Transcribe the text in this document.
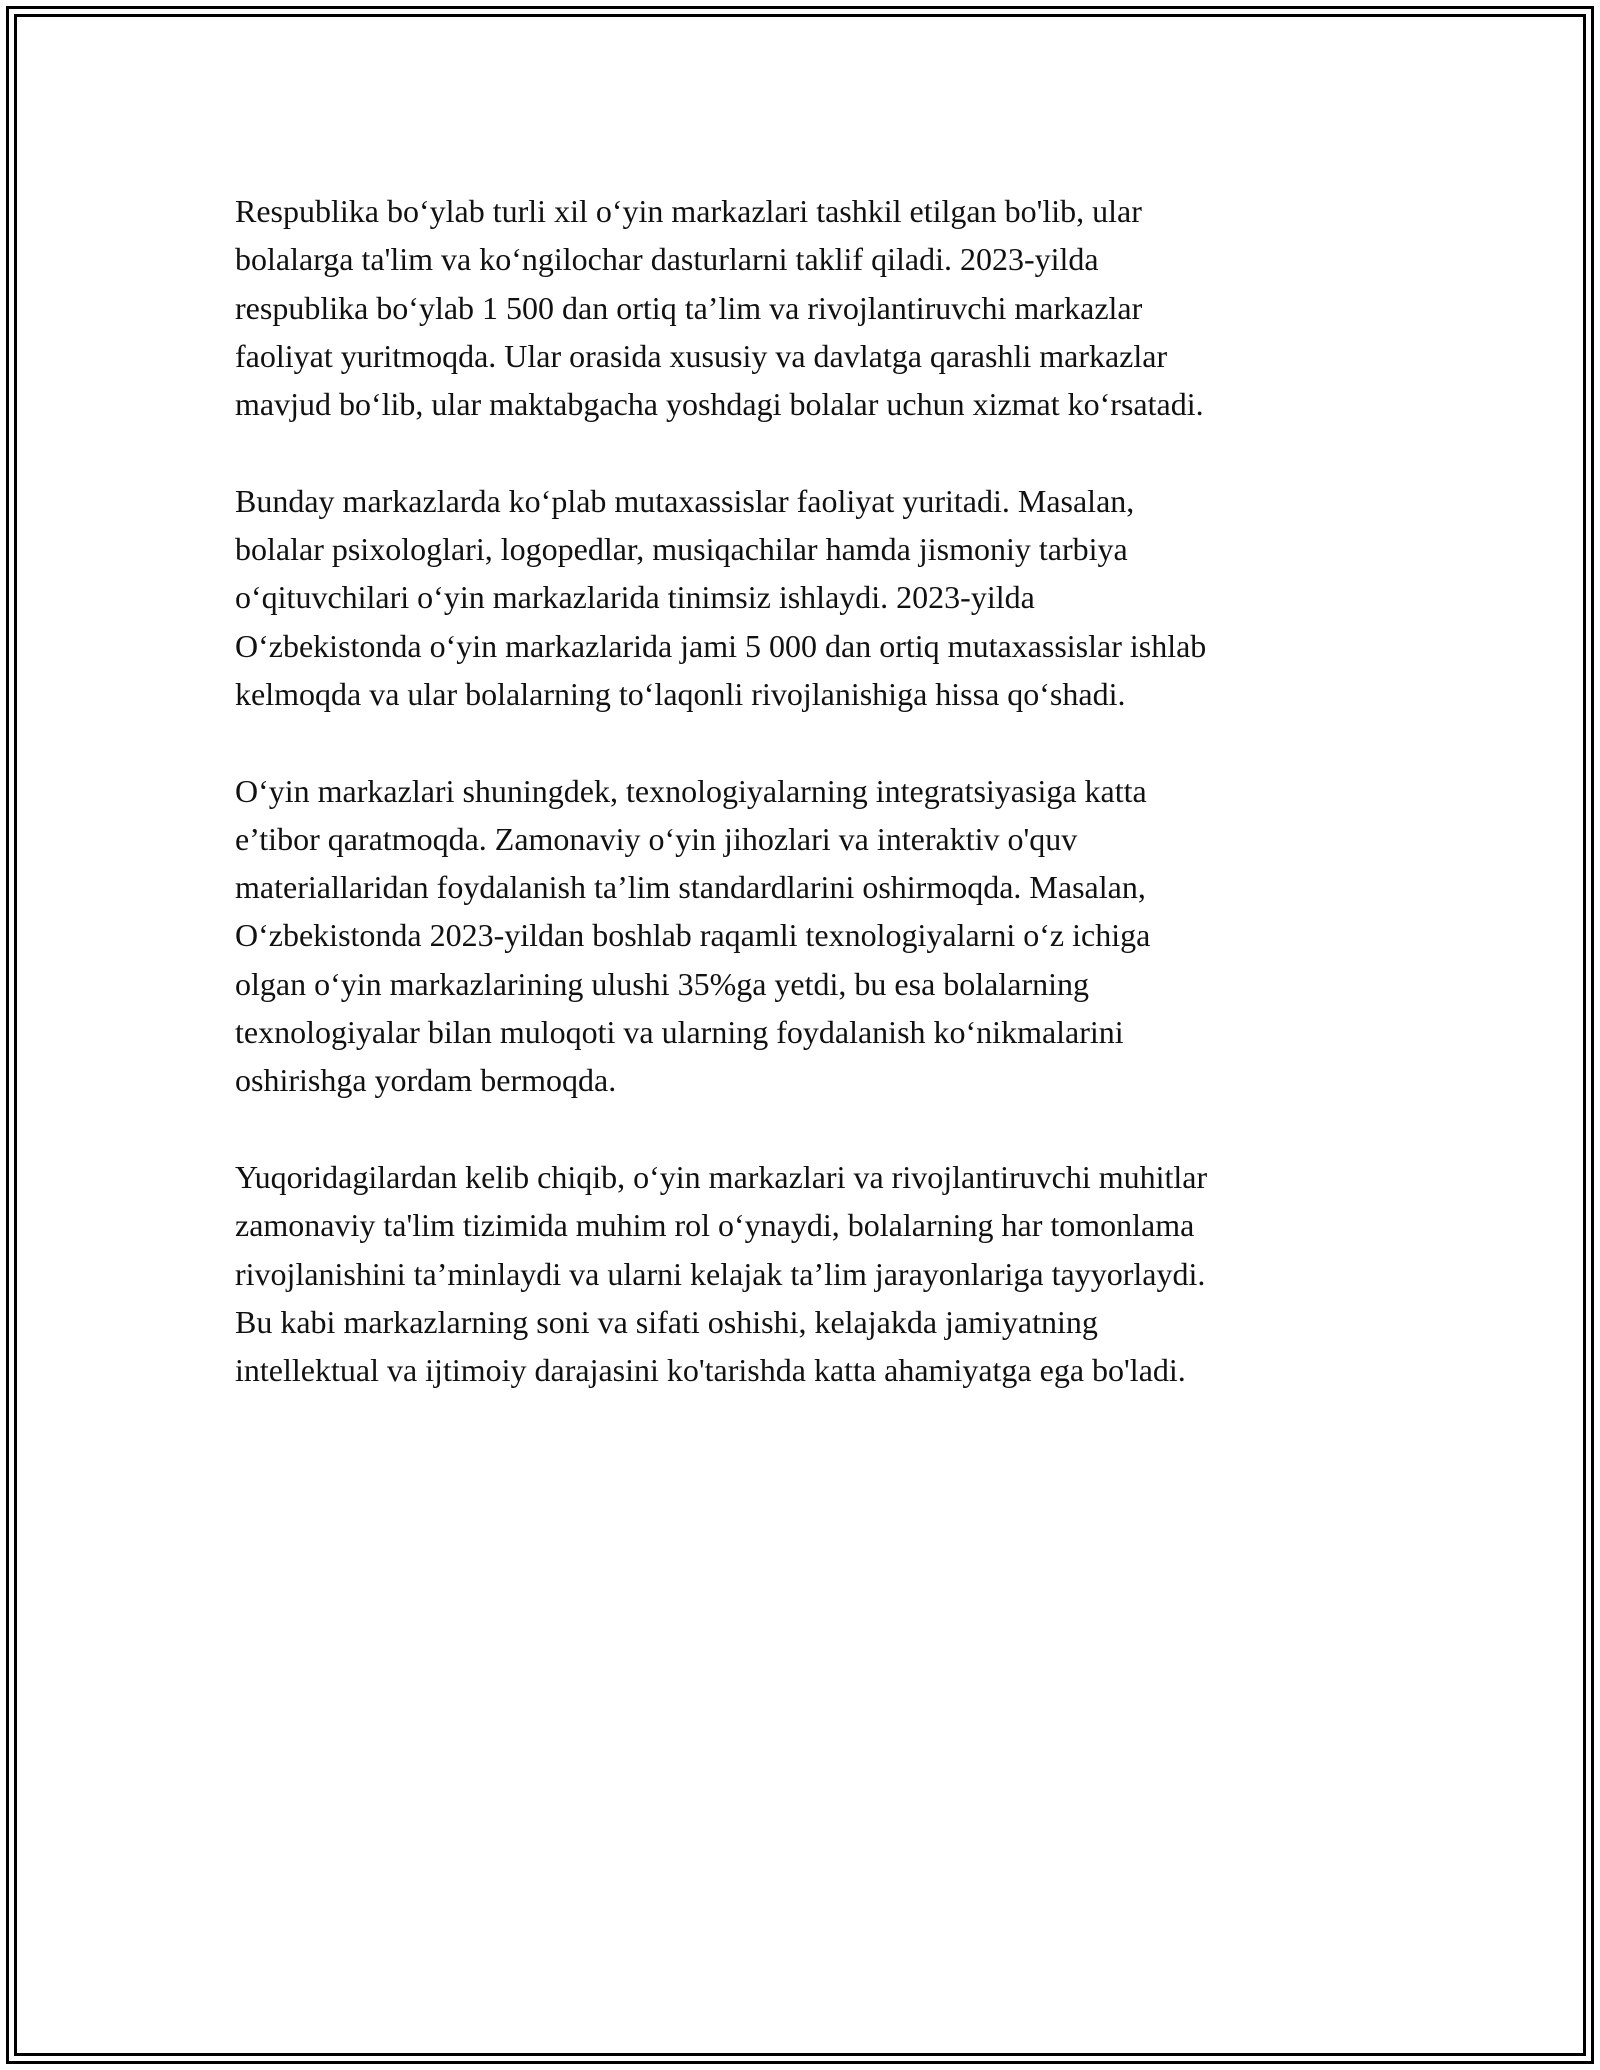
Respublika bo‘ylab turli xil o‘yin markazlari tashkil etilgan bo'lib, ular
bolalarga ta'lim va ko‘ngilochar dasturlarni taklif qiladi. 2023-yilda
respublika bo‘ylab 1 500 dan ortiq ta’lim va rivojlantiruvchi markazlar
faoliyat yuritmoqda. Ular orasida xususiy va davlatga qarashli markazlar
mavjud bo‘lib, ular maktabgacha yoshdagi bolalar uchun xizmat ko‘rsatadi.

Bunday markazlarda ko‘plab mutaxassislar faoliyat yuritadi. Masalan,
bolalar psixologlari, logopedlar, musiqachilar hamda jismoniy tarbiya
o‘qituvchilari o‘yin markazlarida tinimsiz ishlaydi. 2023-yilda
O‘zbekistonda o‘yin markazlarida jami 5 000 dan ortiq mutaxassislar ishlab
kelmoqda va ular bolalarning to‘laqonli rivojlanishiga hissa qo‘shadi.

O‘yin markazlari shuningdek, texnologiyalarning integratsiyasiga katta
e’tibor qaratmoqda. Zamonaviy o‘yin jihozlari va interaktiv o'quv
materiallaridan foydalanish ta’lim standardlarini oshirmoqda. Masalan,
O‘zbekistonda 2023-yildan boshlab raqamli texnologiyalarni o‘z ichiga
olgan o‘yin markazlarining ulushi 35%ga yetdi, bu esa bolalarning
texnologiyalar bilan muloqoti va ularning foydalanish ko‘nikmalarini
oshirishga yordam bermoqda.

Yuqoridagilardan kelib chiqib, o‘yin markazlari va rivojlantiruvchi muhitlar
zamonaviy ta'lim tizimida muhim rol o‘ynaydi, bolalarning har tomonlama
rivojlanishini ta’minlaydi va ularni kelajak ta’lim jarayonlariga tayyorlaydi.
Bu kabi markazlarning soni va sifati oshishi, kelajakda jamiyatning
intellektual va ijtimoiy darajasini ko'tarishda katta ahamiyatga ega bo'ladi.
